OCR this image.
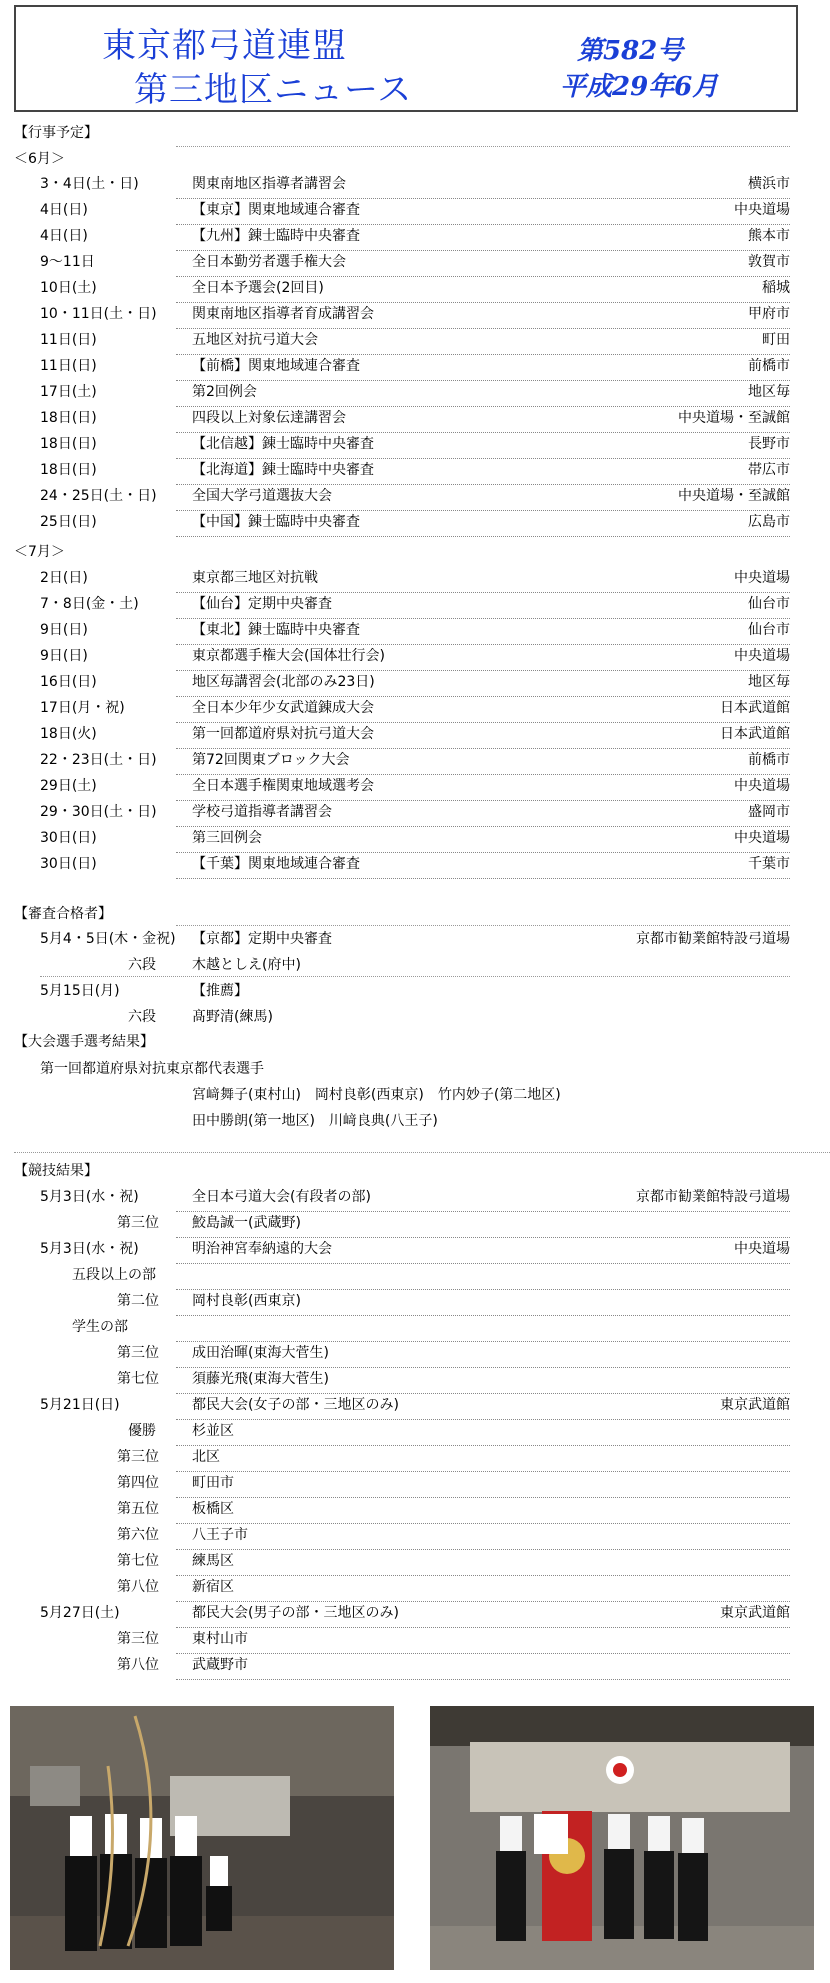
東京都弓道連盟
第三地区ニュース
第582号
平成29年6月
【行事予定】
＜6月＞
3・4日(土・日)	関東南地区指導者講習会	横浜市
4日(日)	【東京】関東地域連合審査	中央道場
4日(日)	【九州】錬士臨時中央審査	熊本市
9～11日	全日本勤労者選手権大会	敦賀市
10日(土)	全日本予選会(2回目)	稲城
10・11日(土・日)	関東南地区指導者育成講習会	甲府市
11日(日)	五地区対抗弓道大会	町田
11日(日)	【前橋】関東地域連合審査	前橋市
17日(土)	第2回例会	地区毎
18日(日)	四段以上対象伝達講習会	中央道場・至誠館
18日(日)	【北信越】錬士臨時中央審査	長野市
18日(日)	【北海道】錬士臨時中央審査	帯広市
24・25日(土・日)	全国大学弓道選抜大会	中央道場・至誠館
25日(日)	【中国】錬士臨時中央審査	広島市
＜7月＞
2日(日)	東京都三地区対抗戦	中央道場
7・8日(金・土)	【仙台】定期中央審査	仙台市
9日(日)	【東北】錬士臨時中央審査	仙台市
9日(日)	東京都選手権大会(国体壮行会)	中央道場
16日(日)	地区毎講習会(北部のみ23日)	地区毎
17日(月・祝)	全日本少年少女武道錬成大会	日本武道館
18日(火)	第一回都道府県対抗弓道大会	日本武道館
22・23日(土・日)	第72回関東ブロック大会	前橋市
29日(土)	全日本選手権関東地域選考会	中央道場
29・30日(土・日)	学校弓道指導者講習会	盛岡市
30日(日)	第三回例会	中央道場
30日(日)	【千葉】関東地域連合審査	千葉市
【審査合格者】
5月4・5日(木・金祝) 【京都】定期中央審査	京都市勧業館特設弓道場
六段	木越としえ(府中)
5月15日(月)	【推薦】
六段	髙野清(練馬)
【大会選手選考結果】
第一回都道府県対抗東京都代表選手
宮﨑舞子(東村山)　岡村良彰(西東京)　竹内妙子(第二地区)
田中勝朗(第一地区)　川﨑良典(八王子)
【競技結果】
5月3日(水・祝)	全日本弓道大会(有段者の部)	京都市勧業館特設弓道場
第三位 鮫島誠一(武蔵野)
5月3日(水・祝)	明治神宮奉納遠的大会	中央道場
五段以上の部
第二位 岡村良彰(西東京)
学生の部
第三位 成田治暉(東海大菅生)
第七位 須藤光飛(東海大菅生)
5月21日(日)	都民大会(女子の部・三地区のみ)	東京武道館
優勝	杉並区
第三位 北区
第四位 町田市
第五位 板橋区
第六位 八王子市
第七位 練馬区
第八位 新宿区
5月27日(土)	都民大会(男子の部・三地区のみ)	東京武道館
第三位 東村山市
第八位 武蔵野市
